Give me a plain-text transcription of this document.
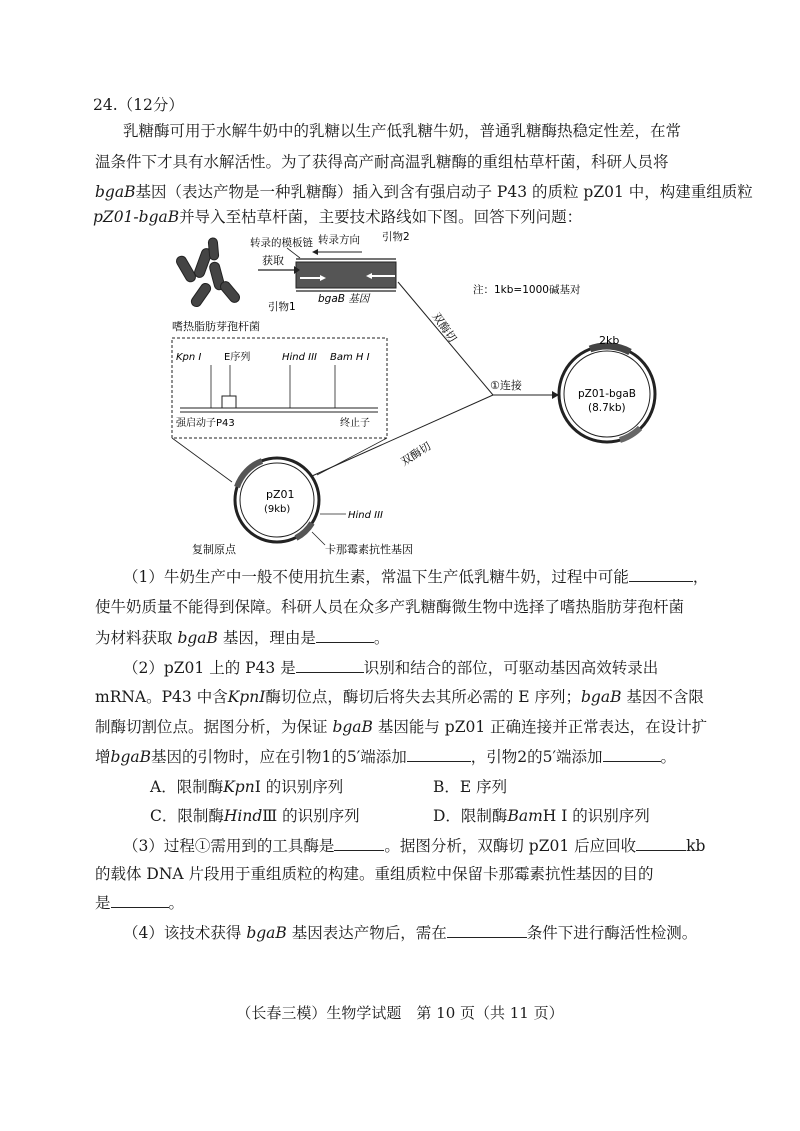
24.（12分）
乳糖酶可用于水解牛奶中的乳糖以生产低乳糖牛奶，普通乳糖酶热稳定性差，在常
温条件下才具有水解活性。为了获得高产耐高温乳糖酶的重组枯草杆菌，科研人员将
bgaB基因（表达产物是一种乳糖酶）插入到含有强启动子 P43 的质粒 pZ01 中，构建重组质粒
pZ01-bgaB并导入至枯草杆菌，主要技术路线如下图。回答下列问题：
嗜热脂肪芽孢杆菌
获取
转录的模板链 转录方向 引物2
引物1
bgaB 基因
注：1kb=1000碱基对
双酶切
双酶切
①连接
Kpn I E序列	Hind III Bam H I
强启动子P43	终止子
pZ01
(9kb)
Hind III
复制原点	卡那霉素抗性基因
2kb
pZ01-bgaB
(8.7kb)
（1）牛奶生产中一般不使用抗生素，常温下生产低乳糖牛奶，过程中可能	，
使牛奶质量不能得到保障。科研人员在众多产乳糖酶微生物中选择了嗜热脂肪芽孢杆菌
为材料获取 bgaB 基因，理由是	。
（2）pZ01 上的 P43 是	识别和结合的部位，可驱动基因高效转录出
mRNA。P43 中含KpnI酶切位点，酶切后将失去其所必需的 E 序列；bgaB 基因不含限
制酶切割位点。据图分析，为保证 bgaB 基因能与 pZ01 正确连接并正常表达，在设计扩
增bgaB基因的引物时，应在引物1的5′端添加	，引物2的5′端添加	。
A．限制酶KpnI 的识别序列	B．E 序列
C．限制酶HindⅢ 的识别序列	D．限制酶BamH I 的识别序列
（3）过程①需用到的工具酶是	。据图分析，双酶切 pZ01 后应回收	kb
的载体 DNA 片段用于重组质粒的构建。重组质粒中保留卡那霉素抗性基因的目的
是	。
（4）该技术获得 bgaB 基因表达产物后，需在	条件下进行酶活性检测。
（长春三模）生物学试题　第 10 页（共 11 页）
